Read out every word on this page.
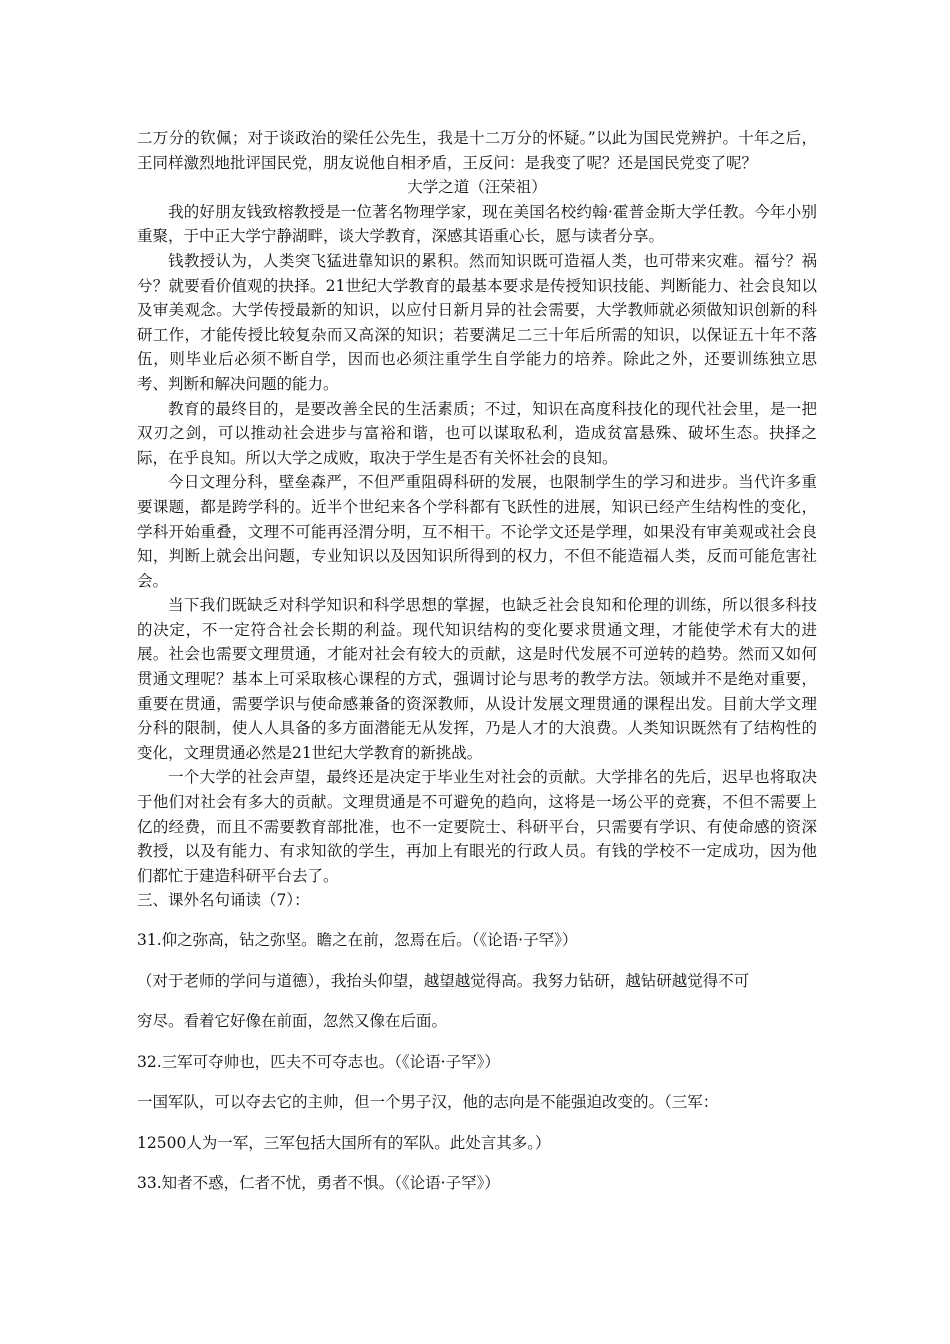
二万分的钦佩；对于谈政治的梁任公先生，我是十二万分的怀疑。”以此为国民党辨护。十年之后，王同样激烈地批评国民党，朋友说他自相矛盾，王反问：是我变了呢？还是国民党变了呢？

大学之道（汪荣祖）

我的好朋友钱致榕教授是一位著名物理学家，现在美国名校约翰·霍普金斯大学任教。今年小别重聚，于中正大学宁静湖畔，谈大学教育，深感其语重心长，愿与读者分享。

钱教授认为，人类突飞猛进靠知识的累积。然而知识既可造福人类，也可带来灾难。福兮？祸兮？就要看价值观的抉择。21世纪大学教育的最基本要求是传授知识技能、判断能力、社会良知以及审美观念。大学传授最新的知识，以应付日新月异的社会需要，大学教师就必须做知识创新的科研工作，才能传授比较复杂而又高深的知识；若要满足二三十年后所需的知识，以保证五十年不落伍，则毕业后必须不断自学，因而也必须注重学生自学能力的培养。除此之外，还要训练独立思考、判断和解决问题的能力。

教育的最终目的，是要改善全民的生活素质；不过，知识在高度科技化的现代社会里，是一把双刃之剑，可以推动社会进步与富裕和谐，也可以谋取私利，造成贫富悬殊、破坏生态。抉择之际，在乎良知。所以大学之成败，取决于学生是否有关怀社会的良知。

今日文理分科，壁垒森严，不但严重阻碍科研的发展，也限制学生的学习和进步。当代许多重要课题，都是跨学科的。近半个世纪来各个学科都有飞跃性的进展，知识已经产生结构性的变化，学科开始重叠，文理不可能再泾渭分明，互不相干。不论学文还是学理，如果没有审美观或社会良知，判断上就会出问题，专业知识以及因知识所得到的权力，不但不能造福人类，反而可能危害社会。

当下我们既缺乏对科学知识和科学思想的掌握，也缺乏社会良知和伦理的训练，所以很多科技的决定，不一定符合社会长期的利益。现代知识结构的变化要求贯通文理，才能使学术有大的进展。社会也需要文理贯通，才能对社会有较大的贡献，这是时代发展不可逆转的趋势。然而又如何贯通文理呢？基本上可采取核心课程的方式，强调讨论与思考的教学方法。领域并不是绝对重要，重要在贯通，需要学识与使命感兼备的资深教师，从设计发展文理贯通的课程出发。目前大学文理分科的限制，使人人具备的多方面潜能无从发挥，乃是人才的大浪费。人类知识既然有了结构性的变化，文理贯通必然是21世纪大学教育的新挑战。

一个大学的社会声望，最终还是决定于毕业生对社会的贡献。大学排名的先后，迟早也将取决于他们对社会有多大的贡献。文理贯通是不可避免的趋向，这将是一场公平的竞赛，不但不需要上亿的经费，而且不需要教育部批准，也不一定要院士、科研平台，只需要有学识、有使命感的资深教授，以及有能力、有求知欲的学生，再加上有眼光的行政人员。有钱的学校不一定成功，因为他们都忙于建造科研平台去了。

三、课外名句诵读（7）：

31.仰之弥高，钻之弥坚。瞻之在前，忽焉在后。（《论语·子罕》）

（对于老师的学问与道德），我抬头仰望，越望越觉得高。我努力钻研，越钻研越觉得不可

穷尽。看着它好像在前面，忽然又像在后面。

32.三军可夺帅也，匹夫不可夺志也。（《论语·子罕》）

一国军队，可以夺去它的主帅，但一个男子汉，他的志向是不能强迫改变的。（三军：

12500人为一军，三军包括大国所有的军队。此处言其多。）

33.知者不惑，仁者不忧，勇者不惧。（《论语·子罕》）
